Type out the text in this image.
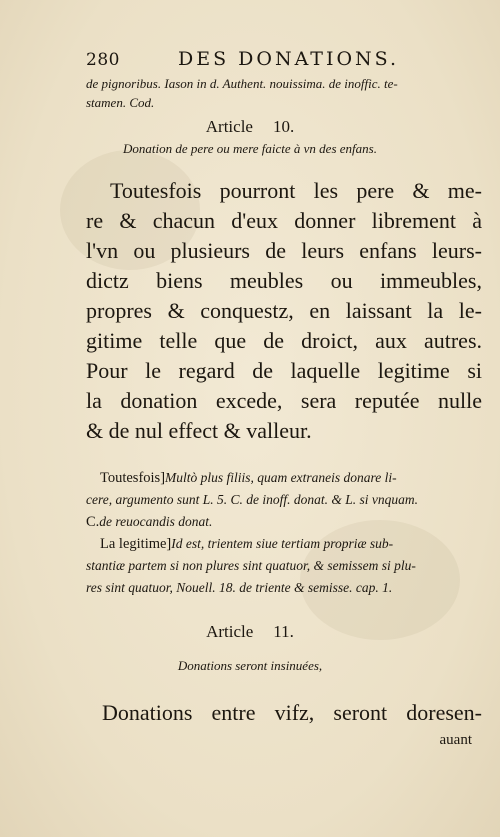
280	DES DONATIONS.
de pignoribus. Iason in d. Authent. nouissima. de inoffic. te-
stamen. Cod.
Article 10.
Donation de pere ou mere faicte à vn des enfans.
Toutesfois pourront les pere & me-
re & chacun d'eux donner librement à
l'vn ou plusieurs de leurs enfans leurs-
dictz biens meubles ou immeubles,
propres & conquestz, en laissant la le-
gitime telle que de droict, aux autres.
Pour le regard de laquelle legitime si
la donation excede, sera reputée nulle
& de nul effect & valleur.
Toutesfois]Multò plus filiis, quam extraneis donare li-
cere, argumento sunt L. 5. C. de inoff. donat. & L. si vnquam.
C.de reuocandis donat.
La legitime]Id est, trientem siue tertiam propriæ sub-
stantiæ partem si non plures sint quatuor, & semissem si plu-
res sint quatuor, Nouell. 18. de triente & semisse. cap. 1.
Article 11.
Donations seront insinuées,
Donations entre vifz, seront doresen-
auant
